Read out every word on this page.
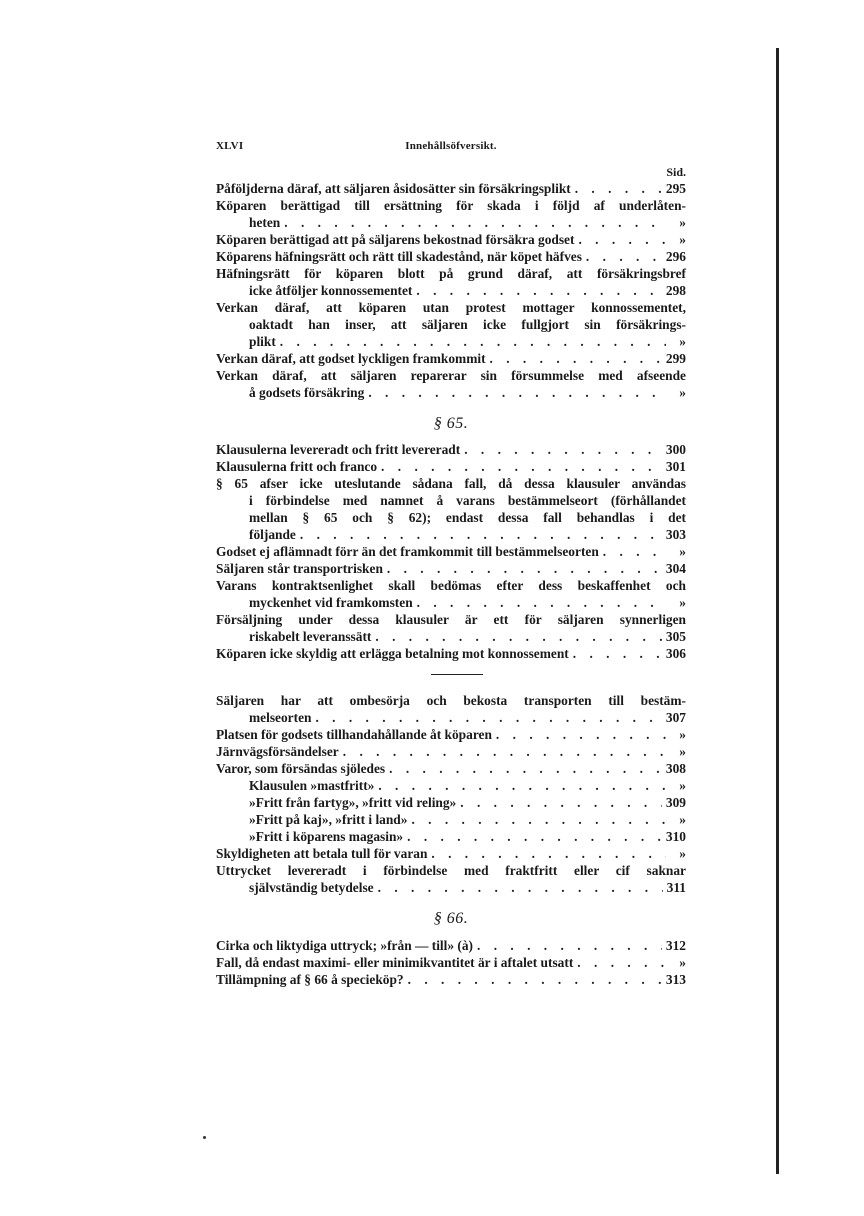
XLVI	Innehållsöfversikt.
Sid.
Påföljderna däraf, att säljaren åsidosätter sin försäkringsplikt . . .	295
Köparen berättigad till ersättning för skada i följd af underlåten-
heten . . .	»
Köparen berättigad att på säljarens bekostnad försäkra godset . . .	»
Köparens häfningsrätt och rätt till skadestånd, när köpet häfves . . .	296
Häfningsrätt för köparen blott på grund däraf, att försäkringsbref
icke åtföljer konnossementet . . .	298
Verkan däraf, att köparen utan protest mottager konnossementet,
oaktadt han inser, att säljaren icke fullgjort sin försäkrings-
plikt . . .	»
Verkan däraf, att godset lyckligen framkommit . . .	299
Verkan däraf, att säljaren reparerar sin försummelse med afseende
å godsets försäkring . . .	»
§ 65.
Klausulerna levereradt och fritt levereradt . . .	300
Klausulerna fritt och franco . . .	301
§ 65 afser icke uteslutande sådana fall, då dessa klausuler användas
i förbindelse med namnet å varans bestämmelseort (förhållandet
mellan § 65 och § 62); endast dessa fall behandlas i det
följande . . .	303
Godset ej aflämnadt förr än det framkommit till bestämmelseorten . . .	»
Säljaren står transportrisken . . .	304
Varans kontraktsenlighet skall bedömas efter dess beskaffenhet och
myckenhet vid framkomsten . . .	»
Försäljning under dessa klausuler är ett för säljaren synnerligen
riskabelt leveranssätt . . .	305
Köparen icke skyldig att erlägga betalning mot konnossement . . .	306
Säljaren har att ombesörja och bekosta transporten till bestäm-
melseorten . . .	307
Platsen för godsets tillhandahållande åt köparen . . .	»
Järnvägsförsändelser . . .	»
Varor, som försändas sjöledes . . .	308
Klausulen »mastfritt» . . .	»
»Fritt från fartyg», »fritt vid reling» . . .	309
»Fritt på kaj», »fritt i land» . . .	»
»Fritt i köparens magasin» . . .	310
Skyldigheten att betala tull för varan . . .	»
Uttrycket levereradt i förbindelse med fraktfritt eller cif saknar
självständig betydelse . . .	311
§ 66.
Cirka och liktydiga uttryck; »från — till» (à) . . .	312
Fall, då endast maximi- eller minimikvantitet är i aftalet utsatt . . .	»
Tillämpning af § 66 å specieköp? . . .	313
